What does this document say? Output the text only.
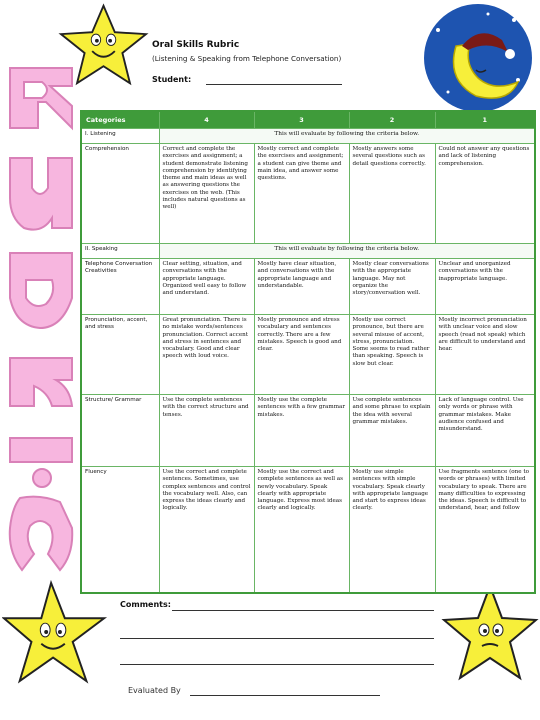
Oral Skills Rubric
(Listening & Speaking from Telephone Conversation)
Student:
Categories	4	3	2	1
I. Listening	This will evaluate by following the criteria below.			
Comprehension	Correct and complete the exercises and assignment; a student demonstrate listening comprehension by identifying theme and main ideas as well as answering questions the exercises on the web. (This includes natural questions as well)	Mostly correct and complete the exercises and assignment; a student can give theme and main idea, and answer some questions.	Mostly answers some several questions such as detail questions correctly.	Could not answer any questions and lack of listening comprehension.
II. Speaking	This will evaluate by following the criteria below.			
Telephone Conversation Creativities	Clear setting, situation, and conversations with the appropriate language. Organized well easy to follow and understand.	Mostly have clear situation, and conversations with the appropriate language and understandable.	Mostly clear conversations with the appropriate language. May not organize the story/conversation well.	Unclear and unorganized conversations with the inappropriate language.
Pronunciation, accent, and stress	Great pronunciation. There is no mistake words/sentences pronunciation. Correct accent and stress in sentences and vocabulary. Good and clear speech with loud voice.	Mostly pronounce and stress vocabulary and sentences correctly. There are a few mistakes. Speech is good and clear.	Mostly use correct pronounce, but there are several misuse of accent, stress, pronunciation. Some seems to read rather than speaking. Speech is slow but clear.	Mostly incorrect pronunciation with unclear voice and slow speech (read not speak) which are difficult to understand and hear.
Structure/ Grammar	Use the complete sentences with the correct structure and tenses.	Mostly use the complete sentences with a few grammar mistakes.	Use complete sentences and some phrase to explain the idea with several grammar mistakes.	Lack of language control. Use only words or phrase with grammar mistakes. Make audience confused and misunderstand.
Fluency	Use the correct and complete sentences. Sometimes, use complex sentences and control the vocabulary well. Also, can express the ideas clearly and logically.	Mostly use the correct and complete sentences as well as newly vocabulary. Speak clearly with appropriate language. Express most ideas clearly and logically.	Mostly use simple sentences with simple vocabulary. Speak clearly with appropriate language and start to express ideas clearly.	Use fragments sentence (one to words or phrases) with limited vocabulary to speak. There are many difficulties to expressing the ideas. Speech is difficult to understand, hear, and follow
Comments:
Evaluated By
